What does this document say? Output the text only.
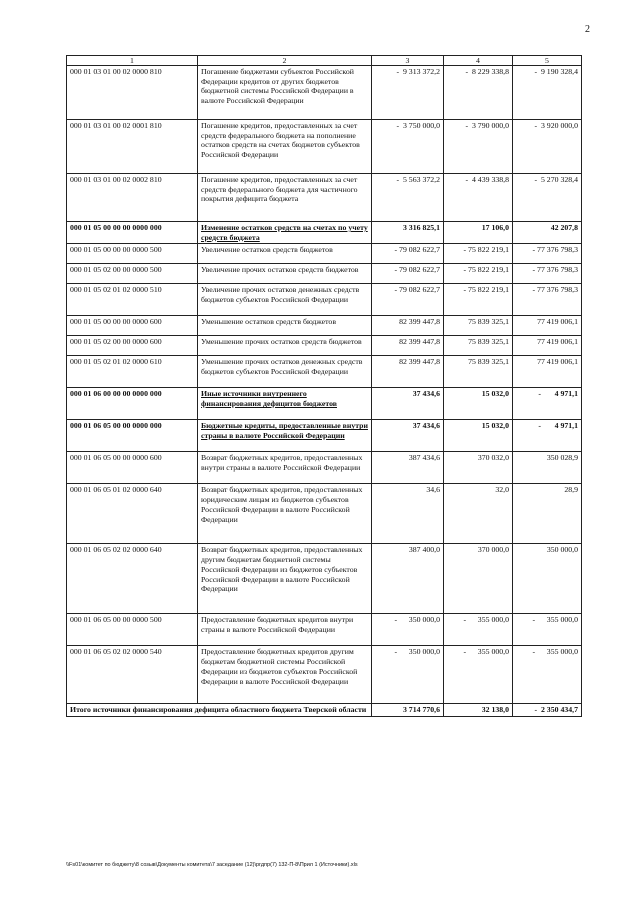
2
1	2	3	4	5
000 01 03 01 00 02 0000 810	Погашение бюджетами субъектов Российской Федерации кредитов от других бюджетов бюджетной системы Российской Федерации в валюте Российской Федерации	-  9 313 372,2	-  8 229 338,8	-  9 190 328,4
000 01 03 01 00 02 0001 810	Погашение кредитов, предоставленных за счет средств федерального бюджета на пополнение остатков средств на счетах бюджетов субъектов Российской Федерации	-  3 750 000,0	-  3 790 000,0	-  3 920 000,0
000 01 03 01 00 02 0002 810	Погашение кредитов, предоставленных за счет средств федерального бюджета для частичного покрытия дефицита бюджета	-  5 563 372,2	-  4 439 338,8	-  5 270 328,4
000 01 05 00 00 00 0000 000	Изменение остатков средств на счетах по учету средств бюджета	3 316 825,1	17 106,0	42 207,8
000 01 05 00 00 00 0000 500	Увеличение остатков средств бюджетов	- 79 082 622,7	- 75 822 219,1	- 77 376 798,3
000 01 05 02 00 00 0000 500	Увеличение прочих остатков средств бюджетов	- 79 082 622,7	- 75 822 219,1	- 77 376 798,3
000 01 05 02 01 02 0000 510	Увеличение прочих остатков денежных средств бюджетов субъектов Российской Федерации	- 79 082 622,7	- 75 822 219,1	- 77 376 798,3
000 01 05 00 00 00 0000 600	Уменьшение остатков средств бюджетов	82 399 447,8	75 839 325,1	77 419 006,1
000 01 05 02 00 00 0000 600	Уменьшение прочих остатков средств бюджетов	82 399 447,8	75 839 325,1	77 419 006,1
000 01 05 02 01 02 0000 610	Уменьшение прочих остатков денежных средств бюджетов субъектов Российской Федерации	82 399 447,8	75 839 325,1	77 419 006,1
000 01 06 00 00 00 0000 000	Иные источники внутреннего финансирования дефицитов бюджетов	37 434,6	15 032,0	-       4 971,1
000 01 06 05 00 00 0000 000	Бюджетные кредиты, предоставленные внутри страны в валюте Российской Федерации	37 434,6	15 032,0	-       4 971,1
000 01 06 05 00 00 0000 600	Возврат бюджетных кредитов, предоставленных внутри страны в валюте Российской Федерации	387 434,6	370 032,0	350 028,9
000 01 06 05 01 02 0000 640	Возврат бюджетных кредитов, предоставленных юридическим лицам из бюджетов субъектов Российской Федерации в валюте Российской Федерации	34,6	32,0	28,9
000 01 06 05 02 02 0000 640	Возврат бюджетных кредитов, предоставленных другим бюджетам бюджетной системы Российской Федерации из бюджетов субъектов Российской Федерации в валюте Российской Федерации	387 400,0	370 000,0	350 000,0
000 01 06 05 00 00 0000 500	Предоставление бюджетных кредитов внутри страны в валюте Российской Федерации	-      350 000,0	-      355 000,0	-      355 000,0
000 01 06 05 02 02 0000 540	Предоставление бюджетных кредитов другим бюджетам бюджетной системы Российской Федерации из бюджетов субъектов Российской Федерации в валюте Российской Федерации	-      350 000,0	-      355 000,0	-      355 000,0
Итого источники финансирования дефицита областного бюджета Тверской области		3 714 770,6	32 138,0	-  2 350 434,7
\\Fs01\комитет по бюджету\8 созыв\Документы комитета\7 заседание (12)\ргдпр(7) 132-П-8\Прил 1 (Источники).xls
